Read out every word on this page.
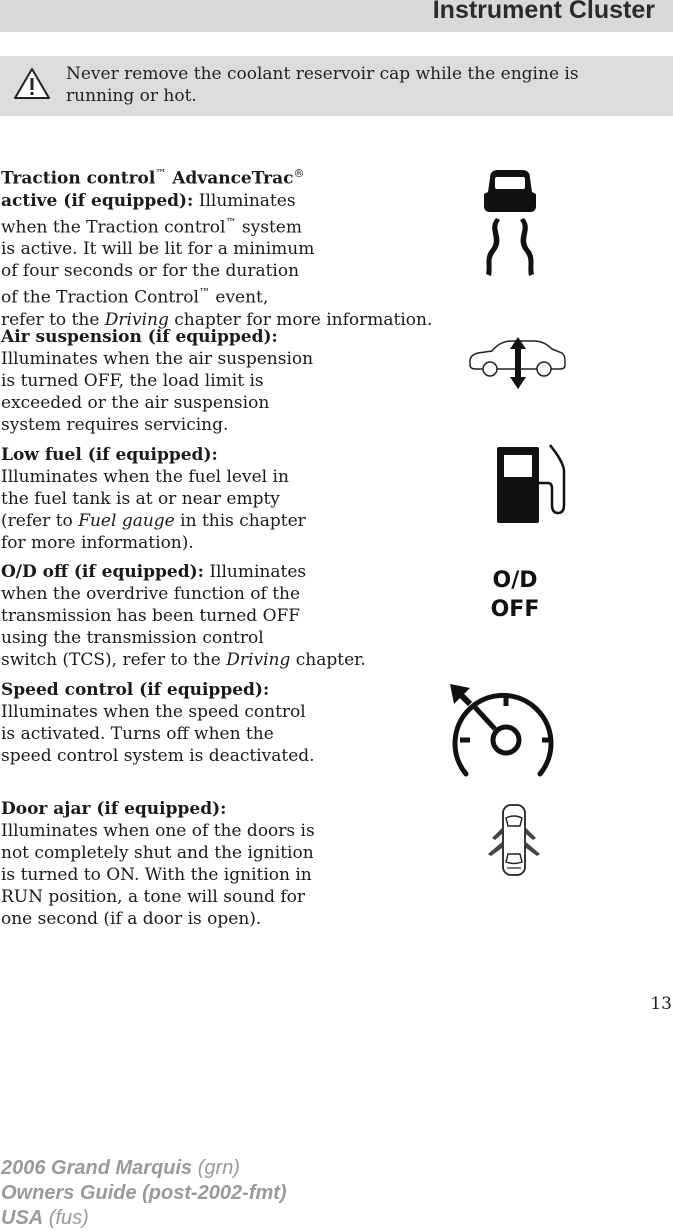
Instrument Cluster
Never remove the coolant reservoir cap while the engine is
running or hot.
Traction control™ AdvanceTrac®
active (if equipped): Illuminates
when the Traction control™ system
is active. It will be lit for a minimum
of four seconds or for the duration
of the Traction Control™ event,
refer to the Driving chapter for more information.
Air suspension (if equipped):
Illuminates when the air suspension
is turned OFF, the load limit is
exceeded or the air suspension
system requires servicing.
Low fuel (if equipped):
Illuminates when the fuel level in
the fuel tank is at or near empty
(refer to Fuel gauge in this chapter
for more information).
O/D off (if equipped): Illuminates
when the overdrive function of the
transmission has been turned OFF
using the transmission control
switch (TCS), refer to the Driving chapter.
O/D
OFF
Speed control (if equipped):
Illuminates when the speed control
is activated. Turns off when the
speed control system is deactivated.
Door ajar (if equipped):
Illuminates when one of the doors is
not completely shut and the ignition
is turned to ON. With the ignition in
RUN position, a tone will sound for
one second (if a door is open).
13
2006 Grand Marquis (grn)
Owners Guide (post-2002-fmt)
USA (fus)
